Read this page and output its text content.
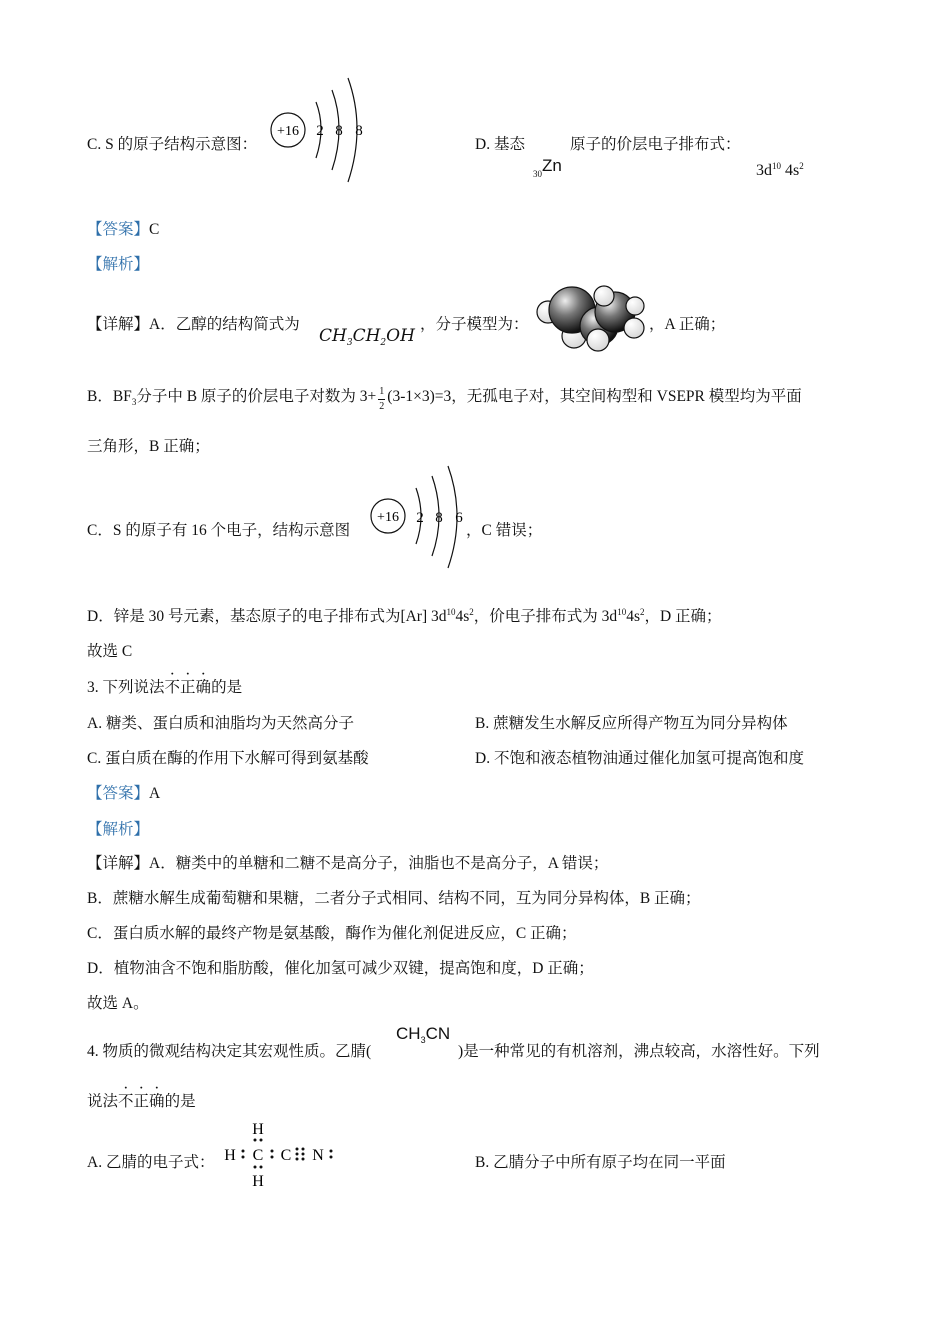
C. S 的原子结构示意图：
+16 2 8 8
D. 基态	原子的价层电子排布式：
$_{30}$Zn	$3d^{10}$ $4s^2$
【答案】C
【解析】
【详解】A．乙醇的结构简式为
$CH_3CH_2OH$
，分子模型为：	，A 正确；
B．$BF_3$分子中 B 原子的价层电子对数为 $3+ \frac{1}{2} (3-1\times 3)=3$，无孤电子对，其空间构型和 VSEPR 模型均为平面
三角形，B 正确；
C．S 的原子有 16 个电子，结构示意图
+16 2 8 6
，C 错误；
D．锌是 30 号元素，基态原子的电子排布式为[Ar] $3d^{10}4s^2$，价电子排布式为 $3d^{10}4s^2$，D 正确；
故选 C
3. 下列说法不正确的是
A. 糖类、蛋白质和油脂均为天然高分子	B. 蔗糖发生水解反应所得产物互为同分异构体
C. 蛋白质在酶的作用下水解可得到氨基酸	D. 不饱和液态植物油通过催化加氢可提高饱和度
【答案】A
【解析】
【详解】A．糖类中的单糖和二糖不是高分子，油脂也不是高分子，A 错误；
B．蔗糖水解生成葡萄糖和果糖，二者分子式相同、结构不同，互为同分异构体，B 正确；
C．蛋白质水解的最终产物是氨基酸，酶作为催化剂促进反应，C 正确；
D．植物油含不饱和脂肪酸，催化加氢可减少双键，提高饱和度，D 正确；
故选 A。
4. 物质的微观结构决定其宏观性质。乙腈(
$CH_3CN$
)是一种常见的有机溶剂，沸点较高，水溶性好。下列
说法不正确的是
A. 乙腈的电子式：
H
H C C N
H
B. 乙腈分子中所有原子均在同一平面
